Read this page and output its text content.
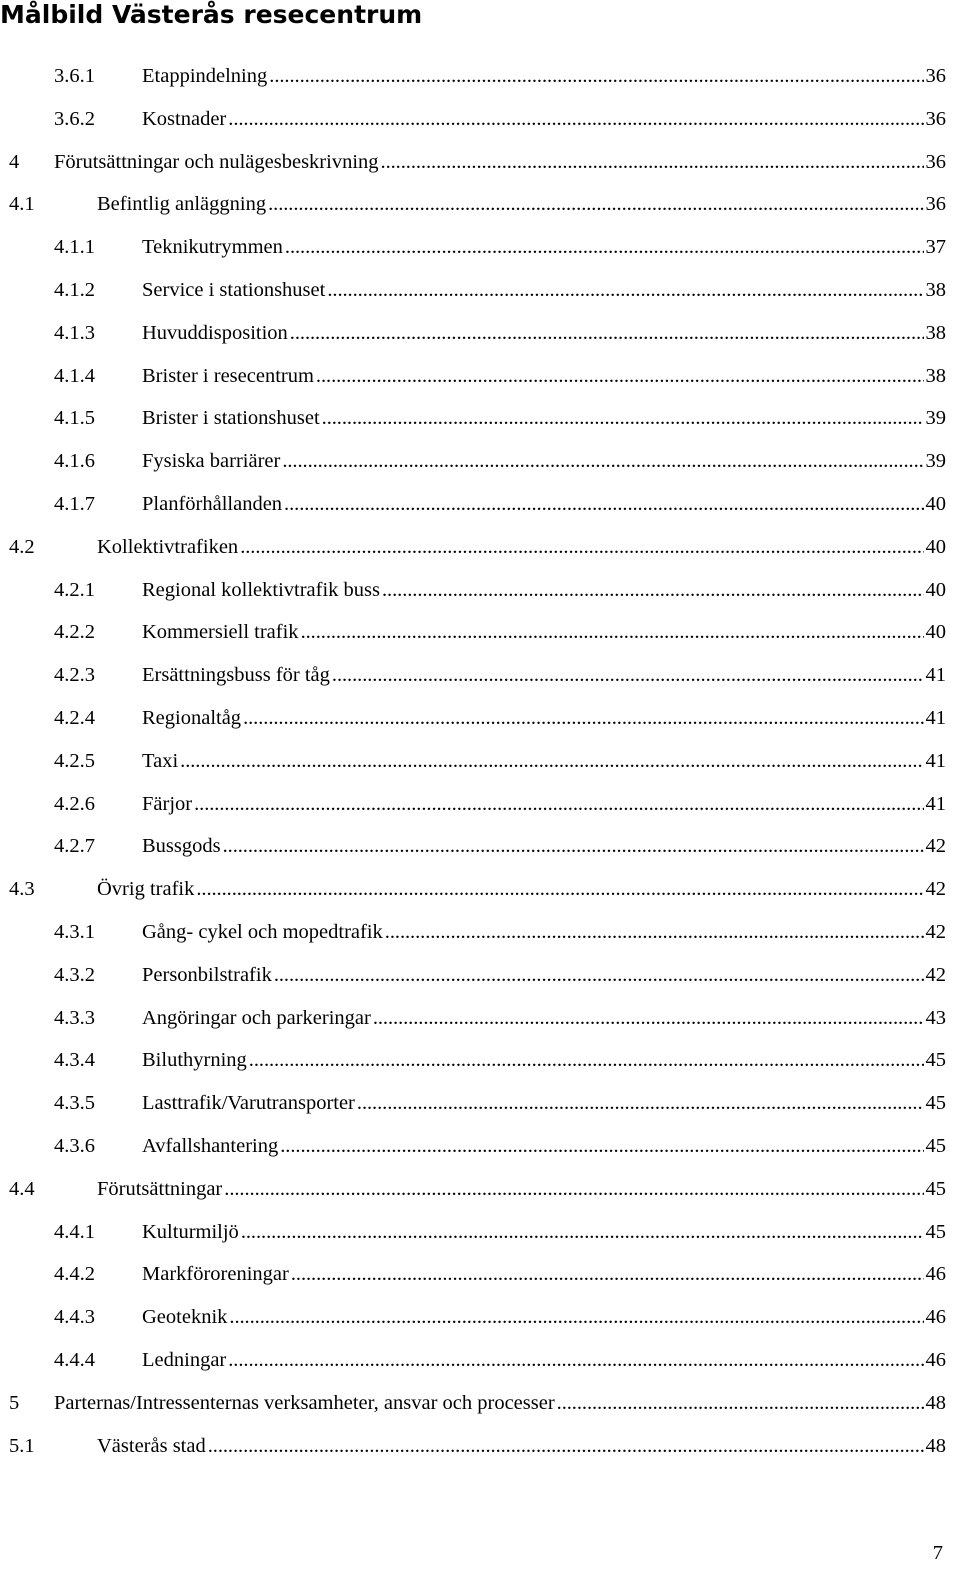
Målbild Västerås resecentrum
3.6.1 Etappindelning . . .	36
3.6.2 Kostnader . . .	36
4 Förutsättningar och nulägesbeskrivning . . .	36
4.1	Befintlig anläggning . . .	36
4.1.1 Teknikutrymmen . . .	37
4.1.2 Service i stationshuset . . .	38
4.1.3 Huvuddisposition . . .	38
4.1.4 Brister i resecentrum . . .	38
4.1.5 Brister i stationshuset . . .	39
4.1.6 Fysiska barriärer . . .	39
4.1.7 Planförhållanden . . .	40
4.2	Kollektivtrafiken . . .	40
4.2.1 Regional kollektivtrafik buss . . .	40
4.2.2 Kommersiell trafik . . .	40
4.2.3 Ersättningsbuss för tåg . . .	41
4.2.4 Regionaltåg . . .	41
4.2.5 Taxi . . .	41
4.2.6 Färjor . . .	41
4.2.7 Bussgods . . .	42
4.3	Övrig trafik . . .	42
4.3.1 Gång- cykel och mopedtrafik . . .	42
4.3.2 Personbilstrafik . . .	42
4.3.3 Angöringar och parkeringar . . .	43
4.3.4 Biluthyrning . . .	45
4.3.5 Lasttrafik/Varutransporter . . .	45
4.3.6 Avfallshantering . . .	45
4.4	Förutsättningar . . .	45
4.4.1 Kulturmiljö . . .	45
4.4.2 Markföroreningar . . .	46
4.4.3 Geoteknik . . .	46
4.4.4 Ledningar . . .	46
5 Parternas/Intressenternas verksamheter, ansvar och processer . . .	48
5.1	Västerås stad . . .	48
7
